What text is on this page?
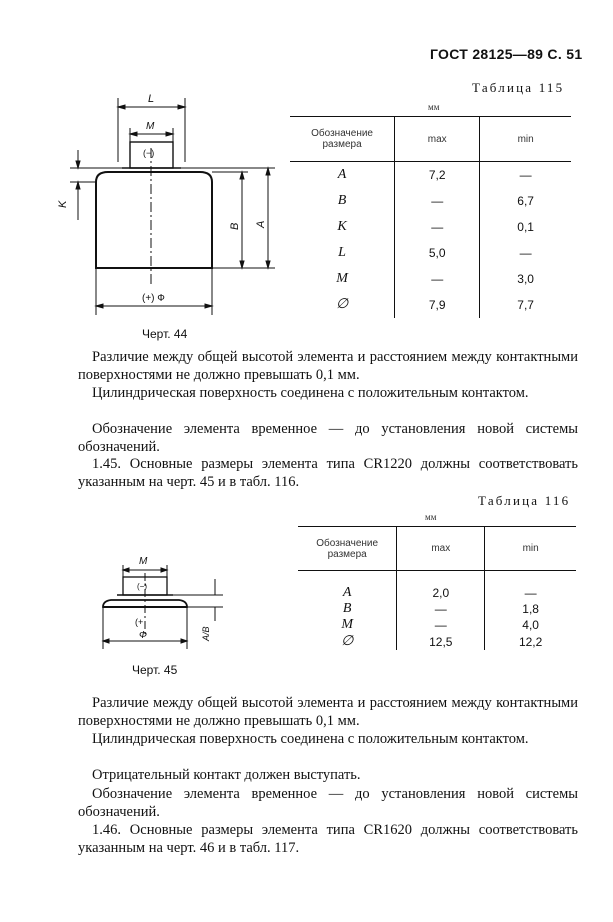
ГОСТ 28125—89 С. 51
L
M
(−)
K
B A
(+) Ф
Черт. 44
Таблица 115
мм
Обозначение размера	max	min
A	7,2	—
B	—	6,7
K	—	0,1
L	5,0	—
M	—	3,0
∅	7,9	7,7
Различие между общей высотой элемента и расстоянием между контактными поверхностями не должно превышать 0,1 мм.
Цилиндрическая поверхность соединена с положительным контактом.
Обозначение элемента временное — до установления новой системы обозначений.
1.45. Основные размеры элемента типа CR1220 должны соответствовать указанным на черт. 45 и в табл. 116.
Таблица 116
мм
Обозначение размера	max	min
A	2,0	—
B	—	1,8
M	—	4,0
∅	12,5	12,2
M
(−)
(+
Ф	A/B
Черт. 45
Различие между общей высотой элемента и расстоянием между контактными поверхностями не должно превышать 0,1 мм.
Цилиндрическая поверхность соединена с положительным контактом.
Отрицательный контакт должен выступать.
Обозначение элемента временное — до установления новой системы обозначений.
1.46. Основные размеры элемента типа CR1620 должны соответствовать указанным на черт. 46 и в табл. 117.
